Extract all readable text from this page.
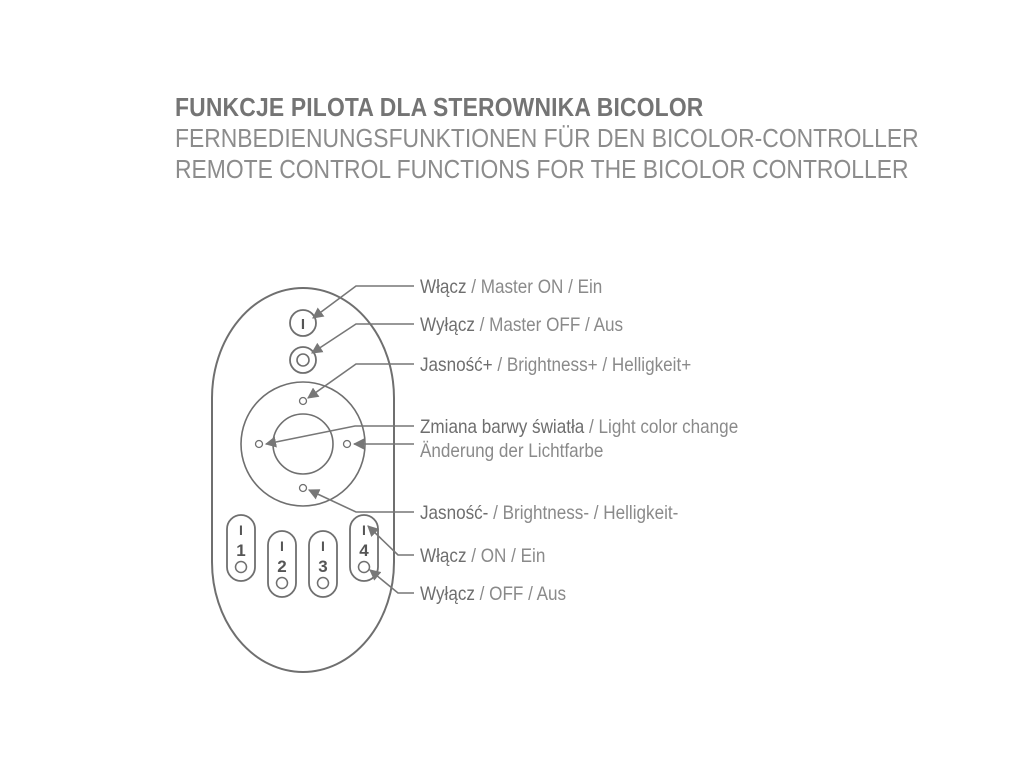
FUNKCJE PILOTA DLA STEROWNIKA BICOLOR
FERNBEDIENUNGSFUNKTIONEN FÜR DEN BICOLOR-CONTROLLER
REMOTE CONTROL FUNCTIONS FOR THE BICOLOR CONTROLLER
I
I
1 I
2
I
3
I
4
Włącz / Master ON / Ein
Wyłącz / Master OFF / Aus
Jasność+ / Brightness+ / Helligkeit+
Zmiana barwy światła / Light color change
Änderung der Lichtfarbe
Jasność- / Brightness- / Helligkeit-
Włącz / ON / Ein
Wyłącz / OFF / Aus
